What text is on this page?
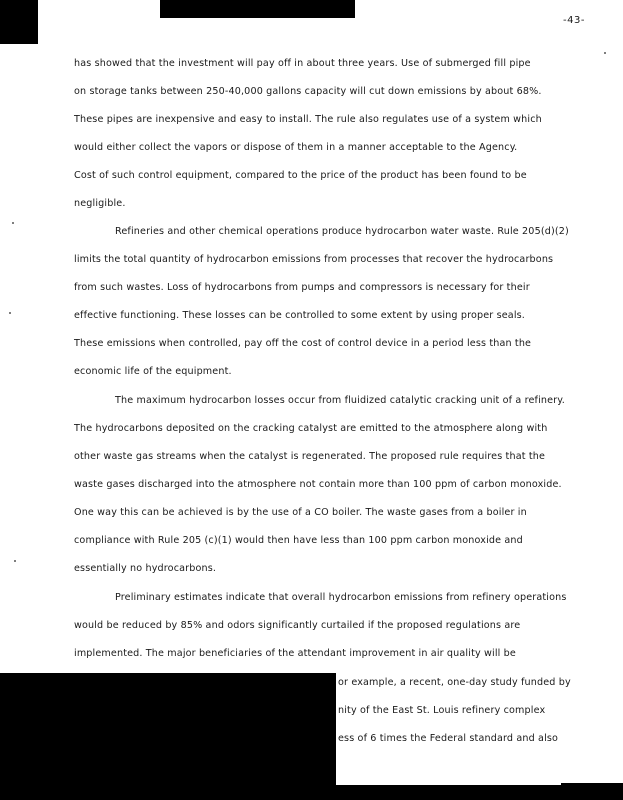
-43-
has showed that the investment will pay off in about three years. Use of submerged fill pipe
on storage tanks between 250-40,000 gallons capacity will cut down emissions by about 68%.
These pipes are inexpensive and easy to install. The rule also regulates use of a system which
would either collect the vapors or dispose of them in a manner acceptable to the Agency.
Cost of such control equipment, compared to the price of the product has been found to be
negligible.
Refineries and other chemical operations produce hydrocarbon water waste. Rule 205(d)(2)
limits the total quantity of hydrocarbon emissions from processes that recover the hydrocarbons
from such wastes. Loss of hydrocarbons from pumps and compressors is necessary for their
effective functioning. These losses can be controlled to some extent by using proper seals.
These emissions when controlled, pay off the cost of control device in a period less than the
economic life of the equipment.
The maximum hydrocarbon losses occur from fluidized catalytic cracking unit of a refinery.
The hydrocarbons deposited on the cracking catalyst are emitted to the atmosphere along with
other waste gas streams when the catalyst is regenerated. The proposed rule requires that the
waste gases discharged into the atmosphere not contain more than 100 ppm of carbon monoxide.
One way this can be achieved is by the use of a CO boiler. The waste gases from a boiler in
compliance with Rule 205 (c)(1) would then have less than 100 ppm carbon monoxide and
essentially no hydrocarbons.
Preliminary estimates indicate that overall hydrocarbon emissions from refinery operations
would be reduced by 85% and odors significantly curtailed if the proposed regulations are
implemented. The major beneficiaries of the attendant improvement in air quality will be
or example, a recent, one-day study funded by
nity of the East St. Louis refinery complex
ess of 6 times the Federal standard and also
